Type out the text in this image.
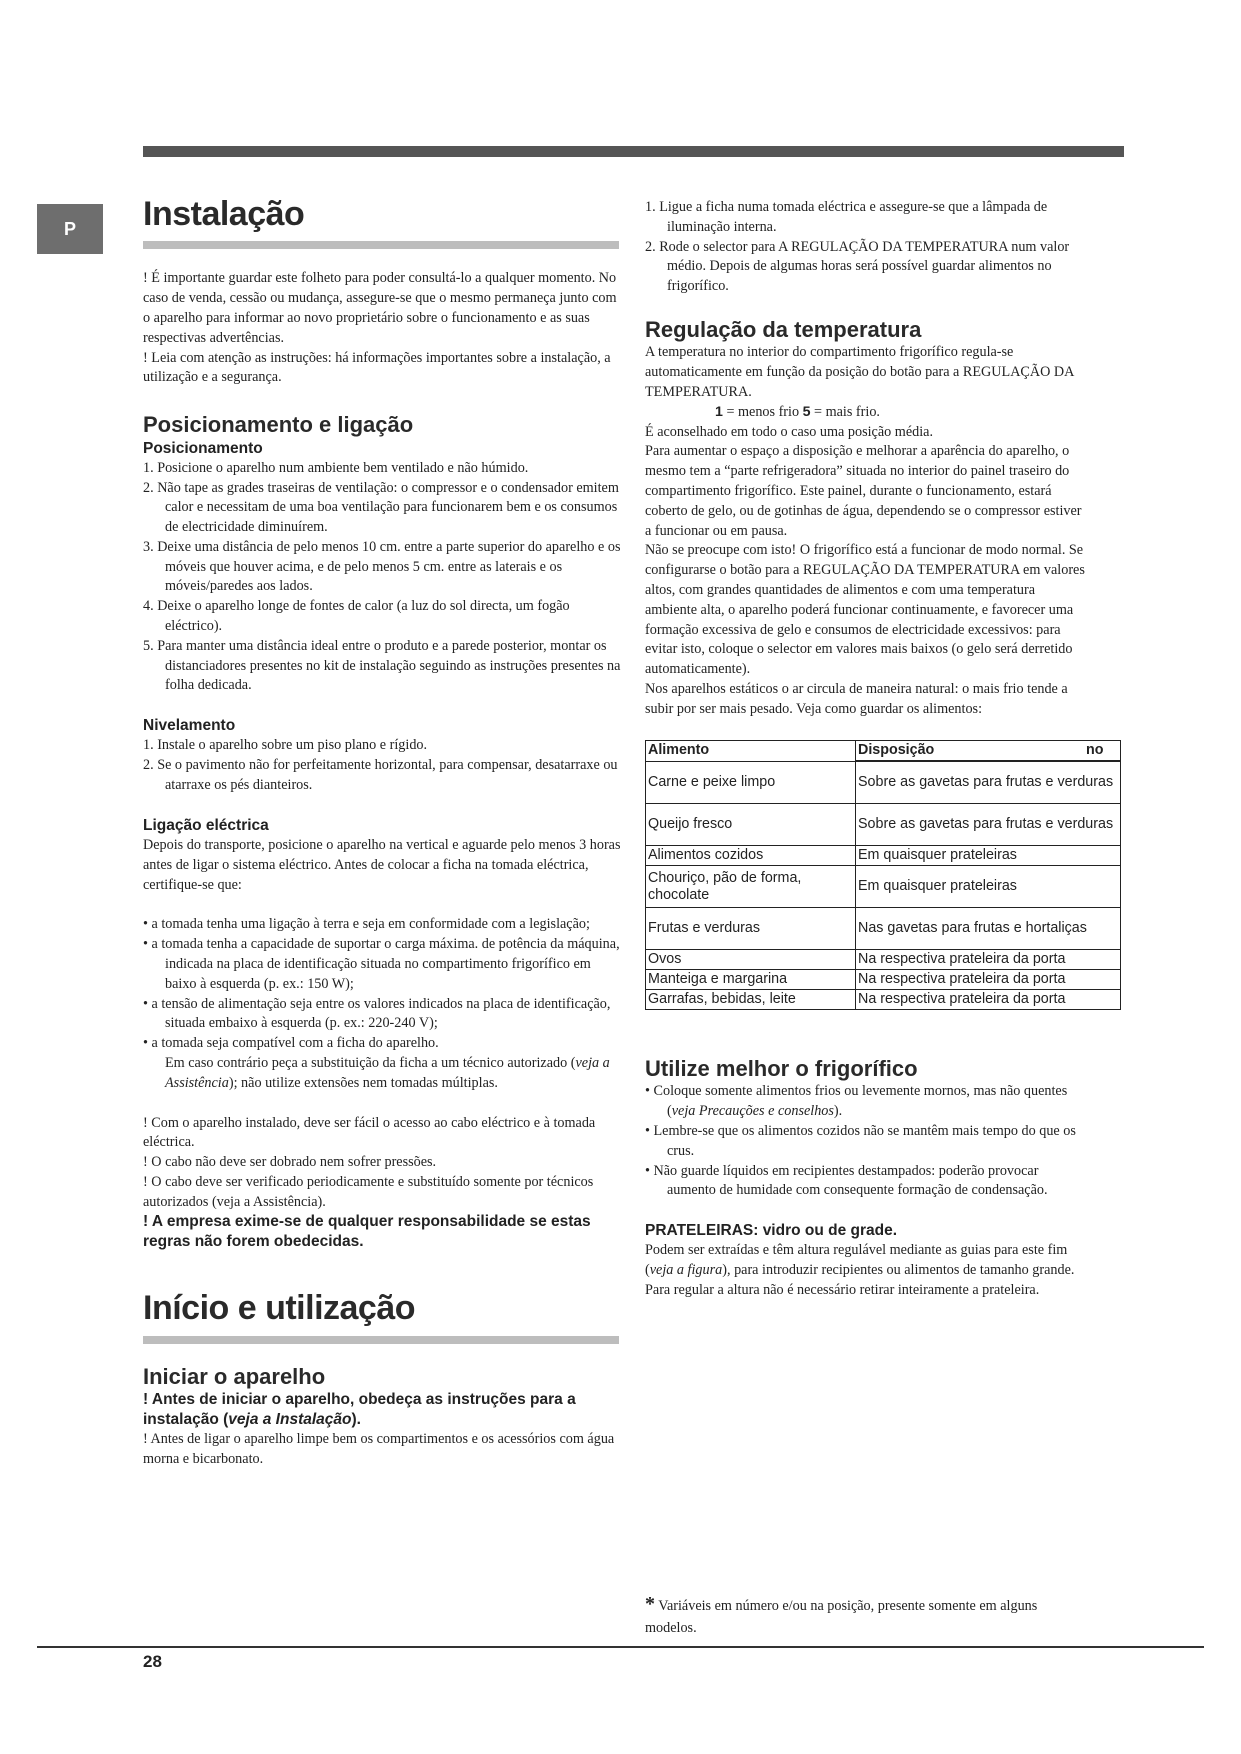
P	Instalação

! É importante guardar este folheto para poder consultá-lo a qualquer momento. No caso de venda, cessão ou mudança, assegure-se que o mesmo permaneça junto com o aparelho para informar ao novo proprietário sobre o funcionamento e as suas respectivas advertências.

! Leia com atenção as instruções: há informações importantes sobre a instalação, a utilização e a segurança.

Posicionamento e ligação
Posicionamento
1. Posicione o aparelho num ambiente bem ventilado e não húmido.
2. Não tape as grades traseiras de ventilação: o compressor e o condensador emitem calor e necessitam de uma boa ventilação para funcionarem bem e os consumos de electricidade diminuírem.
3. Deixe uma distância de pelo menos 10 cm. entre a parte superior do aparelho e os móveis que houver acima, e de pelo menos 5 cm. entre as laterais e os móveis/paredes aos lados.
4. Deixe o aparelho longe de fontes de calor (a luz do sol directa, um fogão eléctrico).
5. Para manter uma distância ideal entre o produto e a parede posterior, montar os distanciadores presentes no kit de instalação seguindo as instruções presentes na folha dedicada.
Nivelamento
1. Instale o aparelho sobre um piso plano e rígido.
2. Se o pavimento não for perfeitamente horizontal, para compensar, desatarraxe ou atarraxe os pés dianteiros.
Ligação eléctrica

Depois do transporte, posicione o aparelho na vertical e aguarde pelo menos 3 horas antes de ligar o sistema eléctrico. Antes de colocar a ficha na tomada eléctrica, certifique-se que:

• a tomada tenha uma ligação à terra e seja em conformidade com a legislação;
• a tomada tenha a capacidade de suportar o carga máxima. de potência da máquina, indicada na placa de identificação situada no compartimento frigorífico em baixo à esquerda (p. ex.: 150 W);
• a tensão de alimentação seja entre os valores indicados na placa de identificação, situada embaixo à esquerda (p. ex.: 220-240 V);
• a tomada seja compatível com a ficha do aparelho.

Em caso contrário peça a substituição da ficha a um técnico autorizado (veja a Assistência); não utilize extensões nem tomadas múltiplas.

! Com o aparelho instalado, deve ser fácil o acesso ao cabo eléctrico e à tomada eléctrica.

! O cabo não deve ser dobrado nem sofrer pressões.

! O cabo deve ser verificado periodicamente e substituído somente por técnicos autorizados (veja a Assistência).

! A empresa exime-se de qualquer responsabilidade se estas regras não forem obedecidas.

Início e utilização
Iniciar o aparelho

! Antes de iniciar o aparelho, obedeça as instruções para a instalação (veja a Instalação).

! Antes de ligar o aparelho limpe bem os compartimentos e os acessórios com água morna e bicarbonato.

1. Ligue a ficha numa tomada eléctrica e assegure-se que a lâmpada de iluminação interna.
2. Rode o selector para A REGULAÇÃO DA TEMPERATURA num valor médio. Depois de algumas horas será possível guardar alimentos no frigorífico.
Regulação da temperatura

A temperatura no interior do compartimento frigorífico regula-se automaticamente em função da posição do botão para a REGULAÇÃO DA TEMPERATURA.

1 = menos frio 5 = mais frio.

É aconselhado em todo o caso uma posição média.

Para aumentar o espaço a disposição e melhorar a aparência do aparelho, o mesmo tem a “parte refrigeradora” situada no interior do painel traseiro do compartimento frigorífico. Este painel, durante o funcionamento, estará coberto de gelo, ou de gotinhas de água, dependendo se o compressor estiver a funcionar ou em pausa.

Não se preocupe com isto! O frigorífico está a funcionar de modo normal. Se configurarse o botão para a REGULAÇÃO DA TEMPERATURA em valores altos, com grandes quantidades de alimentos e com uma temperatura ambiente alta, o aparelho poderá funcionar continuamente, e favorecer uma formação excessiva de gelo e consumos de electricidade excessivos: para evitar isto, coloque o selector em valores mais baixos (o gelo será derretido automaticamente).

Nos aparelhos estáticos o ar circula de maneira natural: o mais frio tende a subir por ser mais pesado. Veja como guardar os alimentos:

Alimento		Disposição	no

Carne e peixe limpo	Sobre as gavetas para frutas e verduras
Queijo fresco	Sobre as gavetas para frutas e verduras
Alimentos cozidos	Em quaisquer prateleiras
Chouriço, pão de forma, chocolate	Em quaisquer prateleiras
Frutas e verduras	Nas gavetas para frutas e hortaliças
Ovos	Na respectiva prateleira da porta
Manteiga e margarina	Na respectiva prateleira da porta
Garrafas, bebidas, leite	Na respectiva prateleira da porta
Utilize melhor o frigorífico
• Coloque somente alimentos frios ou levemente mornos, mas não quentes (veja Precauções e conselhos).
• Lembre-se que os alimentos cozidos não se mantêm mais tempo do que os crus.
• Não guarde líquidos em recipientes destampados: poderão provocar aumento de humidade com consequente formação de condensação.
PRATELEIRAS: vidro ou de grade.

Podem ser extraídas e têm altura regulável mediante as guias para este fim (veja a figura), para introduzir recipientes ou alimentos de tamanho grande. Para regular a altura não é necessário retirar inteiramente a prateleira.

* Variáveis em número e/ou na posição, presente somente em alguns modelos.
28
